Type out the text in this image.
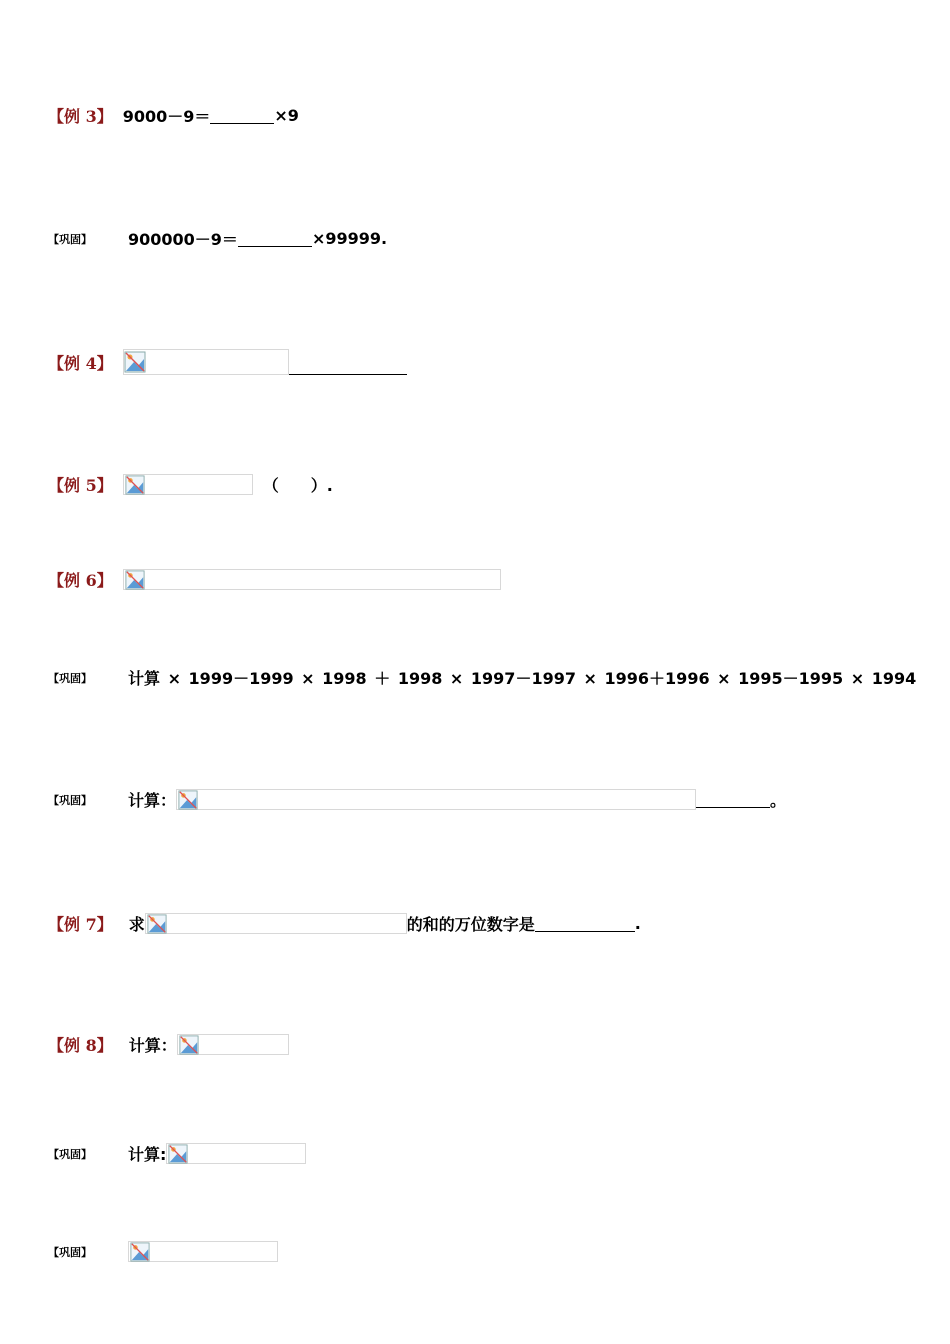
【例 3】 9000－9＝	×9
【巩固】 900000－9＝	×99999.
【例 4】
【例 5】	（　　）.
【例 6】
【巩固】 计算 × 1999－1999 × 1998 ＋ 1998 × 1997－1997 × 1996＋1996 × 1995－1995 × 1994
【巩固】 计算：	。
【例 7】 求	的和的万位数字是	.
【例 8】 计算：
【巩固】 计算:
【巩固】
